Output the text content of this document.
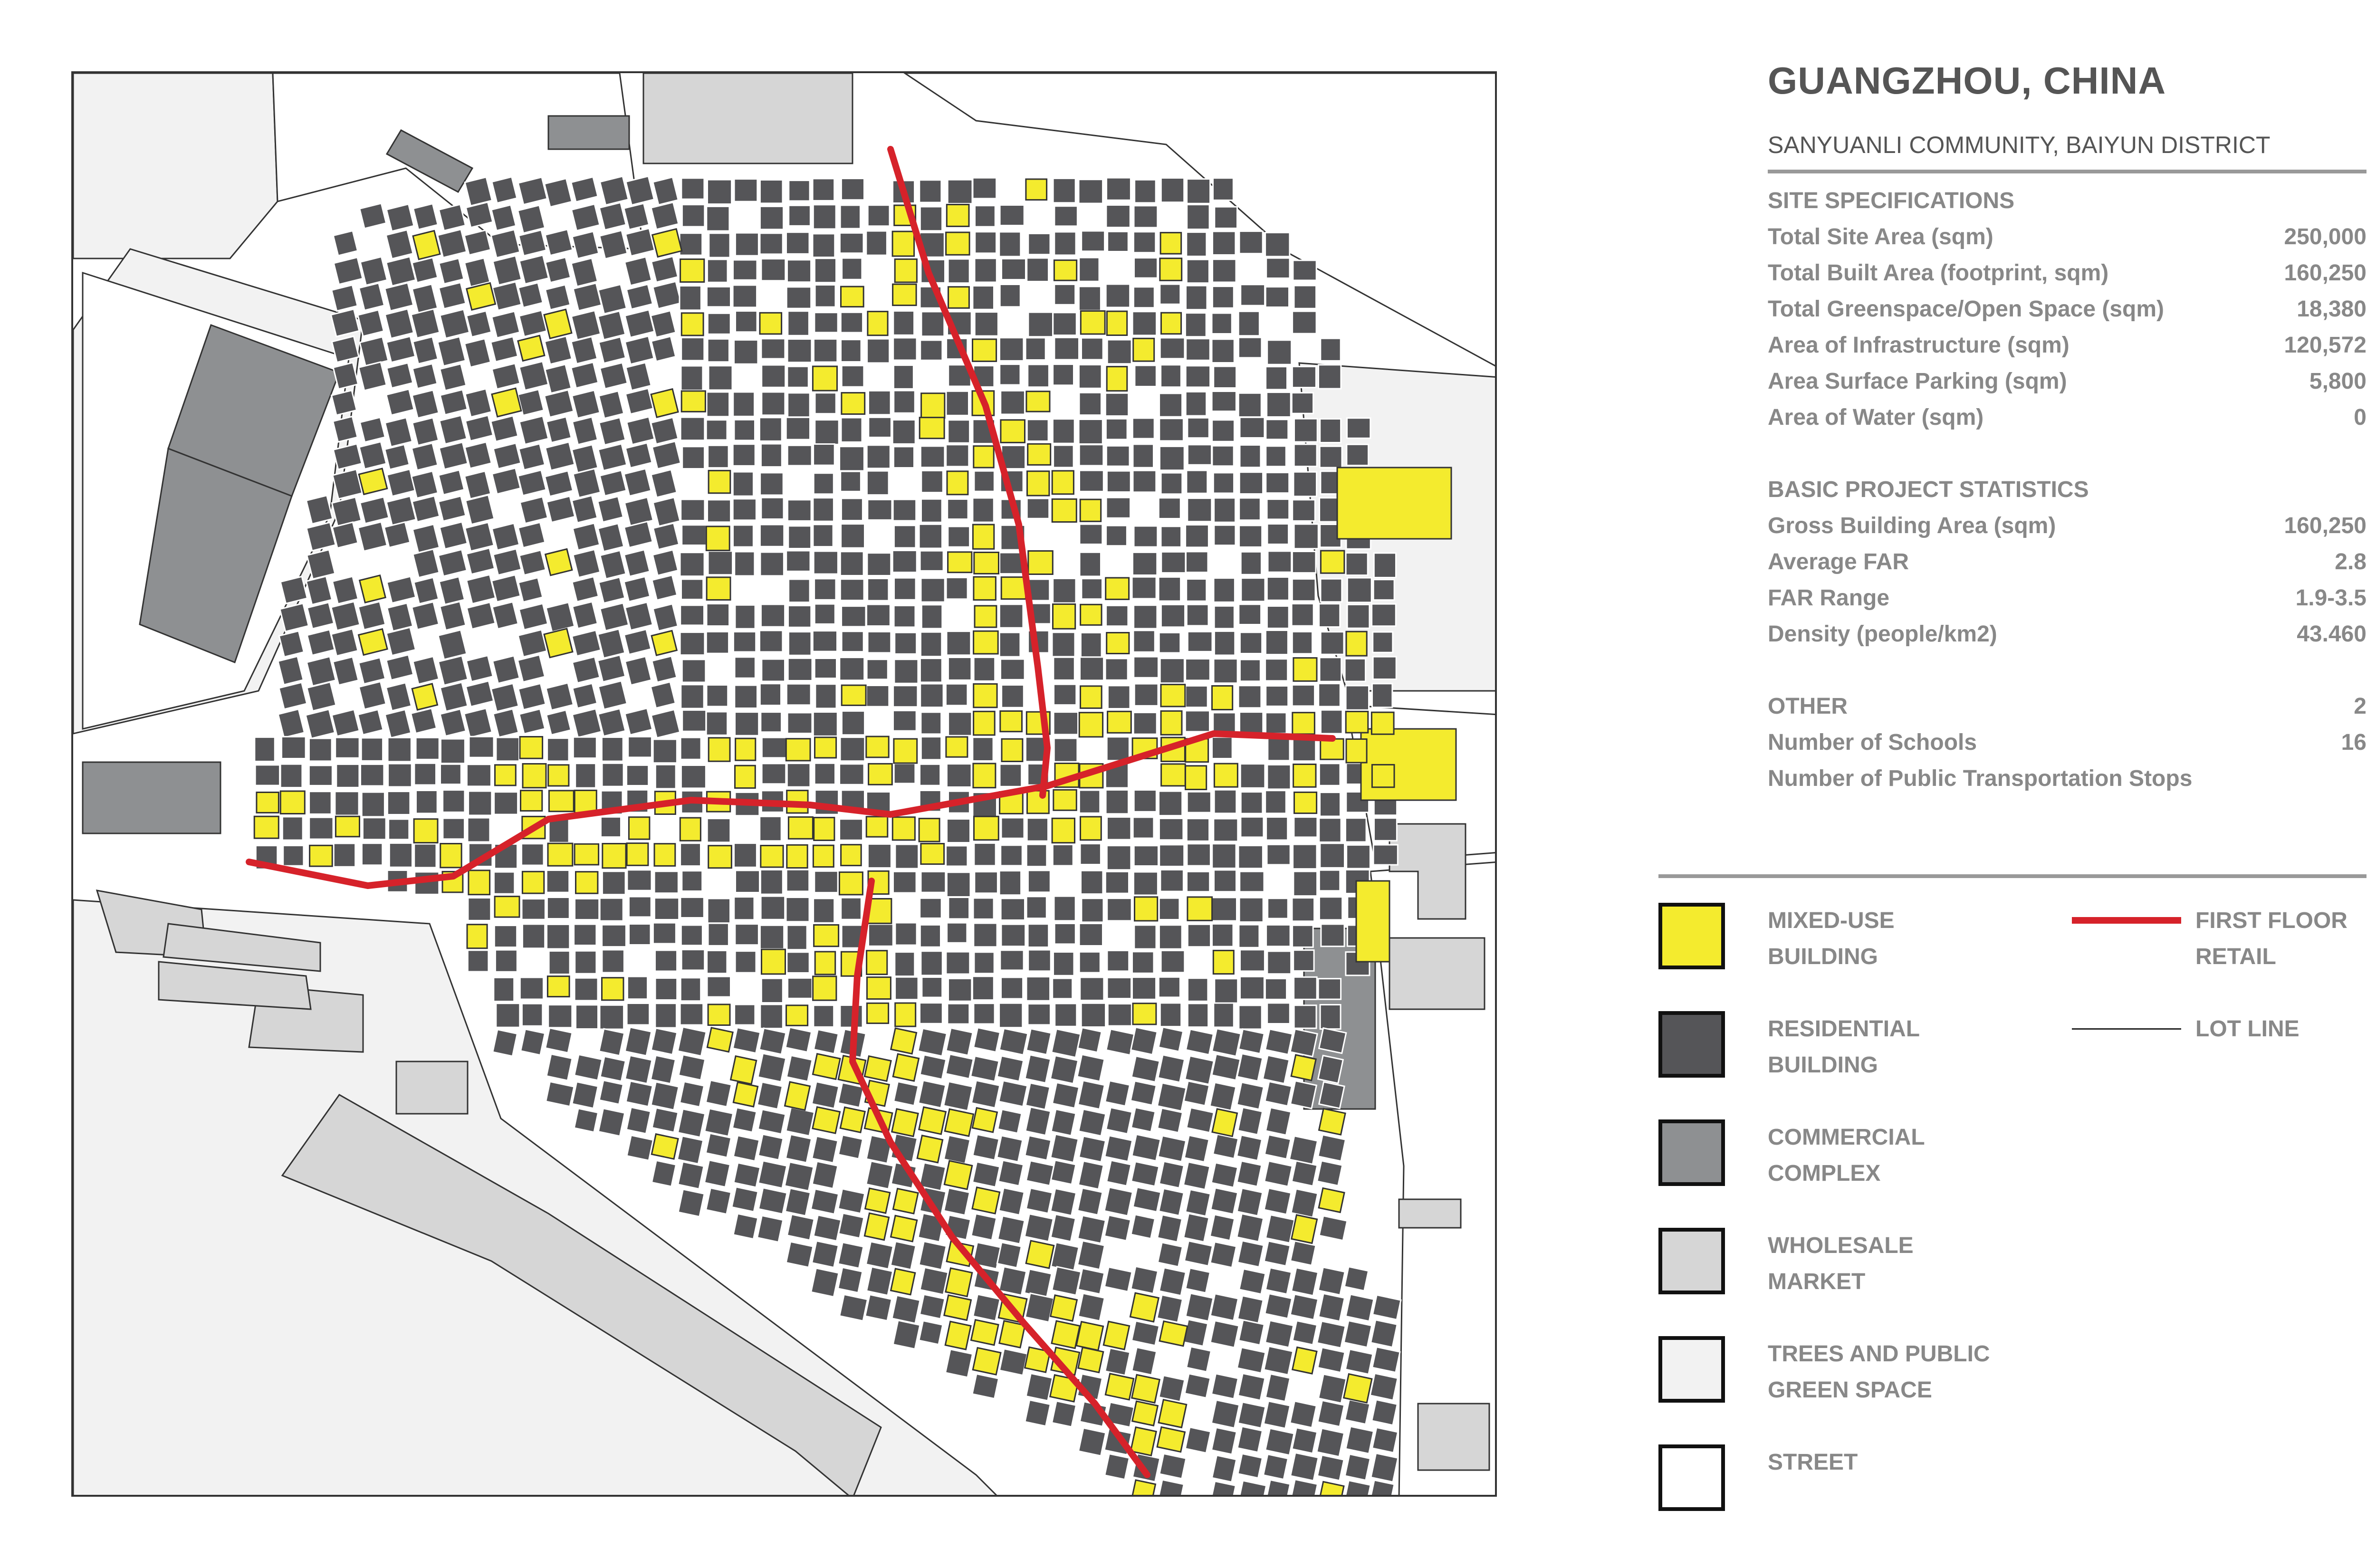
GUANGZHOU, CHINA
SANYUANLI COMMUNITY, BAIYUN DISTRICT
SITE SPECIFICATIONS
Total Site Area (sqm)	250,000
Total Built Area (footprint, sqm)	160,250
Total Greenspace/Open Space (sqm)	18,380
Area of Infrastructure (sqm)	120,572
Area Surface Parking (sqm)	5,800
Area of Water (sqm)	0
BASIC PROJECT STATISTICS
Gross Building Area (sqm)	160,250
Average FAR	2.8
FAR Range	1.9-3.5
Density (people/km2)	43.460
OTHER	2
Number of Schools	16
Number of Public Transportation Stops
MIXED-USE
BUILDING
RESIDENTIAL
BUILDING
COMMERCIAL
COMPLEX
WHOLESALE
MARKET
TREES AND PUBLIC
GREEN SPACE
STREET
FIRST FLOOR
RETAIL
LOT LINE
